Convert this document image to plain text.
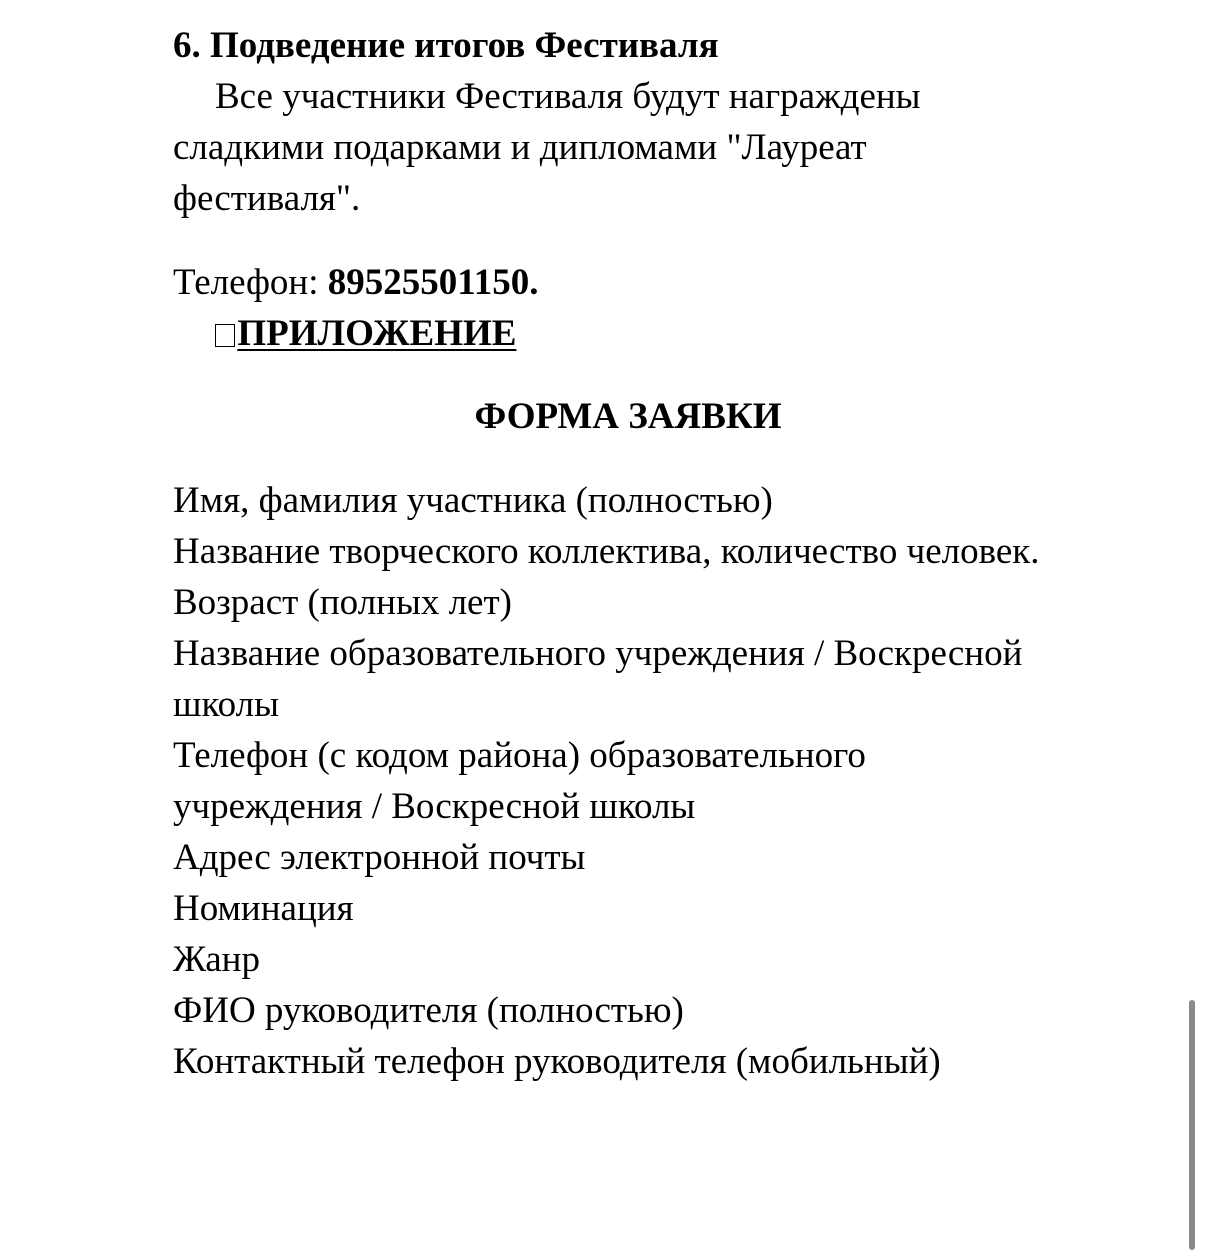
6. Подведение итогов Фестиваля

Все участники Фестиваля будут награждены сладкими подарками и дипломами "Лауреат фестиваля".

Телефон: 89525501150.

ПРИЛОЖЕНИЕ

ФОРМА ЗАЯВКИ

Имя, фамилия участника (полностью)
Название творческого коллектива, количество человек.
Возраст (полных лет)
Название образовательного учреждения / Воскресной школы
Телефон (с кодом района) образовательного учреждения / Воскресной школы
Адрес электронной почты
Номинация
Жанр
ФИО руководителя (полностью)
Контактный телефон руководителя (мобильный)
